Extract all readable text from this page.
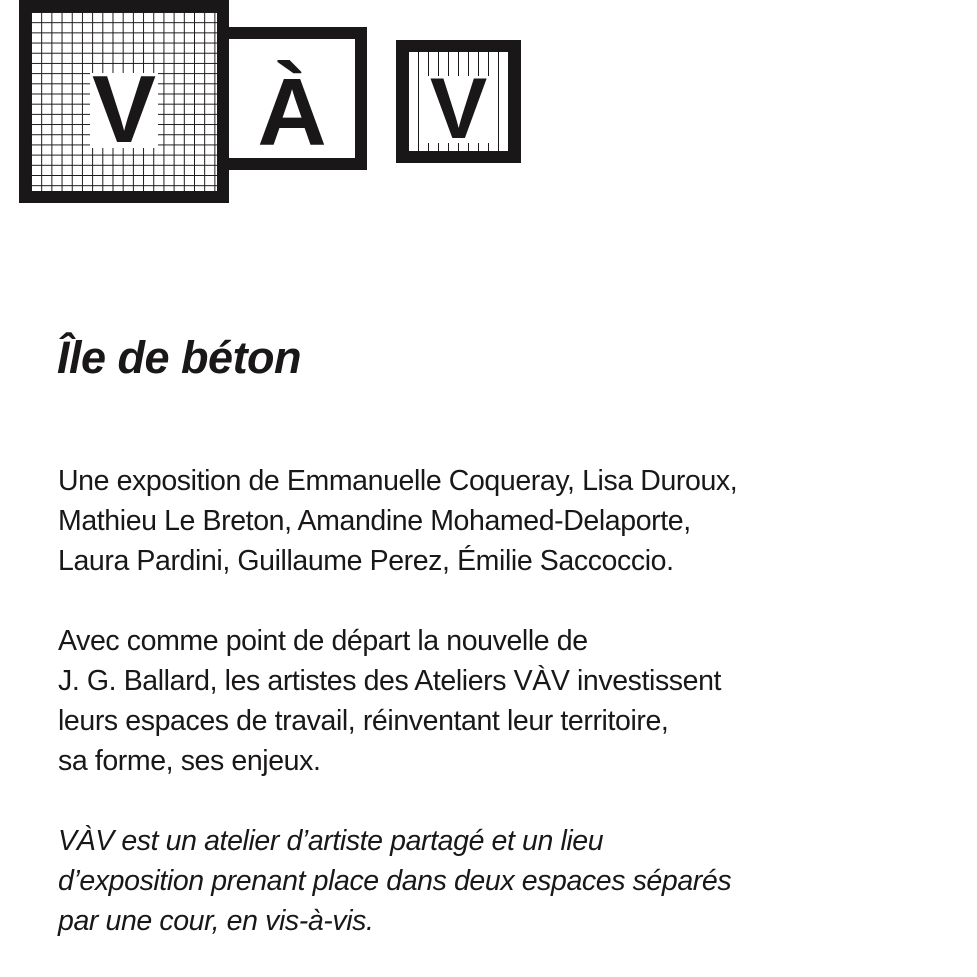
V	À	V
Île de béton

Une exposition de Emmanuelle Coqueray, Lisa Duroux,
Mathieu Le Breton, Amandine Mohamed-Delaporte,
Laura Pardini, Guillaume Perez, Émilie Saccoccio.

Avec comme point de départ la nouvelle de
J. G. Ballard, les artistes des Ateliers VÀV investissent
leurs espaces de travail, réinventant leur territoire,
sa forme, ses enjeux.

VÀV est un atelier d’artiste partagé et un lieu
d’exposition prenant place dans deux espaces séparés
par une cour, en vis-à-vis.
